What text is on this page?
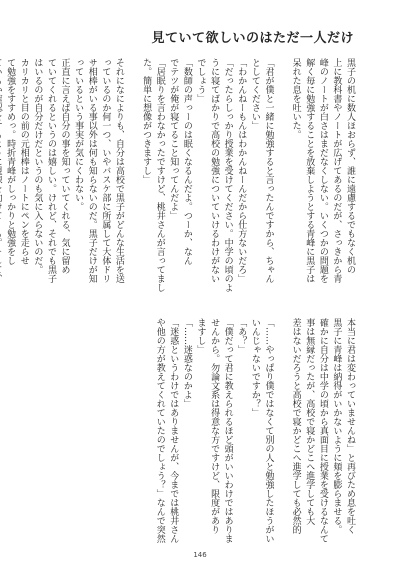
見ていて欲しいのはただ一人だけ
黒子の机に数人ほおらず、誰に遠慮するでもなく机の
上に教科書やノートが広げてあるのだが、さっきから青
峰のノートが白さはまだなくしない。いくつかの問題を
解く毎に勉強することを放棄しようとする青峰に黒子は
呆れた息を吐いた。

「君が僕と一緒に勉強すると言ったんですから、ちゃん
としてください」
「わかんねーもんはわかんねーんだから仕方ないだろ」
「だったらしっかり授業を受けてください。中学の頃のよ
うに寝てばかりで高校の勉強についていけるわけがない
でしょう」
「数師の声っーのは眠くなるんだよ。つーか、なん
でテツが俺が寝てること知ってんだよ」
「居眠りを言わなかったですけど、桃井さんが言ってまし
た。簡単に想像がつきますし」

それになによりも、自分は高校で黒子がどんな生活を送
っているのか何一つ、いやバスケ部に所属して大体ドリ
サ相棒がいる事以外は何も知らないのだ。黒子だけが知
っているという事実が気にくわない。
正直に言えば自分の事を知っていてくれる、気に留め
ていてくれるというのは嬉しい。けれど、それでも黒子
はいるのが自分だけだというのも気に入らないのだ。
カリカリと目の前の元相棒はノートにペンを走らせ
て勉強をすすめっ。時折青峰がしっかりと勉強をし
本当に君は変わっていませんね」と再びため息を吐く
黒子に青峰は納得がいかないように頬を膨らませる。
確かに自分は中学の頃から真面目に授業を受けるなんて
事は無縁だったが、高校で寝かどこへ進学しても大
差はないだろうと高校で寝かどこへ進学しても必然的

「……やっぱり僕ではなくて別の人と勉強したほうがい
いんじゃないですか？」
「あ？」
「僕だって君に教えられるほど頭がいいわけではありま
せんから。勿論文系は得意な方ですけど、限度があり
ますし」
「……迷惑なのかよ」
「迷惑というわけではありませんが、今までは桃井さん
や他の方が教えてくれていたのでしょう？」なんで突然
146
